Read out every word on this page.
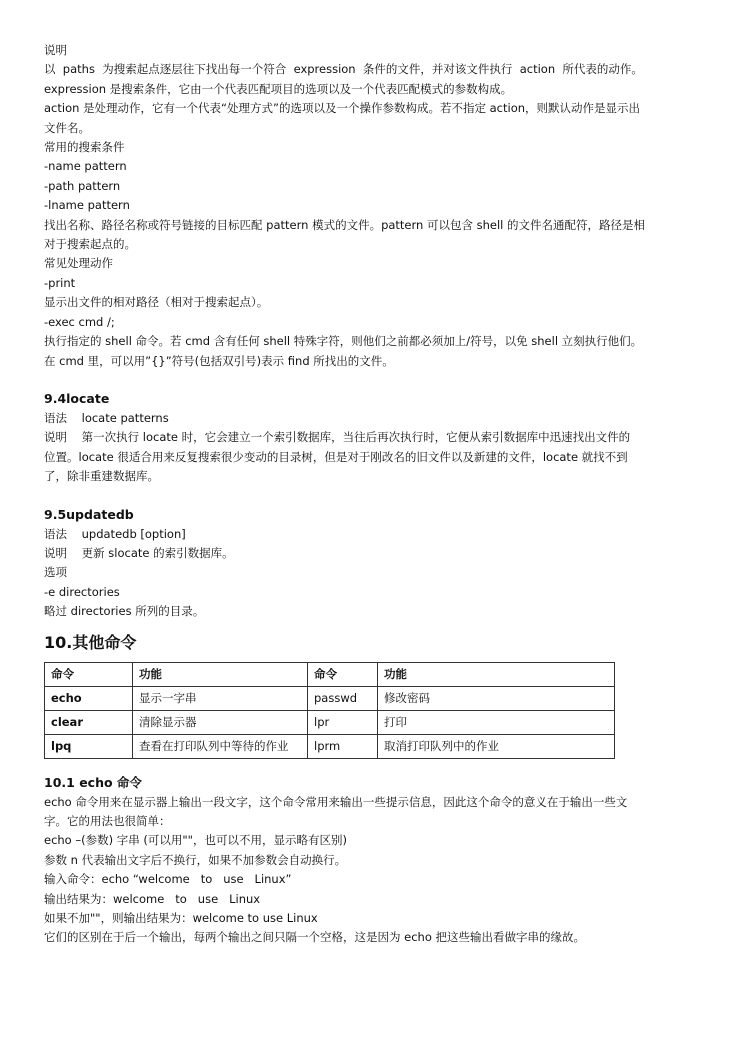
说明
以  paths  为搜索起点逐层往下找出每一个符合  expression  条件的文件，并对该文件执行  action  所代表的动作。
expression 是搜索条件，它由一个代表匹配项目的选项以及一个代表匹配模式的参数构成。
action 是处理动作，它有一个代表“处理方式”的选项以及一个操作参数构成。若不指定 action，则默认动作是显示出
文件名。
常用的搜索条件
-name pattern
-path pattern
-lname pattern
找出名称、路径名称或符号链接的目标匹配 pattern 模式的文件。pattern 可以包含 shell 的文件名通配符，路径是相
对于搜索起点的。
常见处理动作
-print
显示出文件的相对路径（相对于搜索起点）。
-exec cmd /;
执行指定的 shell 命令。若 cmd 含有任何 shell 特殊字符，则他们之前都必须加上/符号，以免 shell 立刻执行他们。
在 cmd 里，可以用”{}”符号(包括双引号)表示 find 所找出的文件。
9.4locate
语法    locate patterns
说明    第一次执行 locate 时，它会建立一个索引数据库，当往后再次执行时，它便从索引数据库中迅速找出文件的
位置。locate 很适合用来反复搜索很少变动的目录树，但是对于刚改名的旧文件以及新建的文件，locate 就找不到
了，除非重建数据库。
9.5updatedb
语法    updatedb [option]
说明    更新 slocate 的索引数据库。
选项
-e directories
略过 directories 所列的目录。
10.其他命令
命令	功能	命令	功能
echo	显示一字串	passwd	修改密码
clear	清除显示器	lpr	打印
lpq	查看在打印队列中等待的作业	lprm	取消打印队列中的作业
10.1 echo 命令
echo 命令用来在显示器上输出一段文字，这个命令常用来输出一些提示信息，因此这个命令的意义在于输出一些文
字。它的用法也很简单：
echo –(参数) 字串 (可以用""，也可以不用，显示略有区别)
参数 n 代表输出文字后不换行，如果不加参数会自动换行。
输入命令：echo “welcome   to   use   Linux”
输出结果为：welcome   to   use   Linux
如果不加""，则输出结果为：welcome to use Linux
它们的区别在于后一个输出，每两个输出之间只隔一个空格，这是因为 echo 把这些输出看做字串的缘故。
